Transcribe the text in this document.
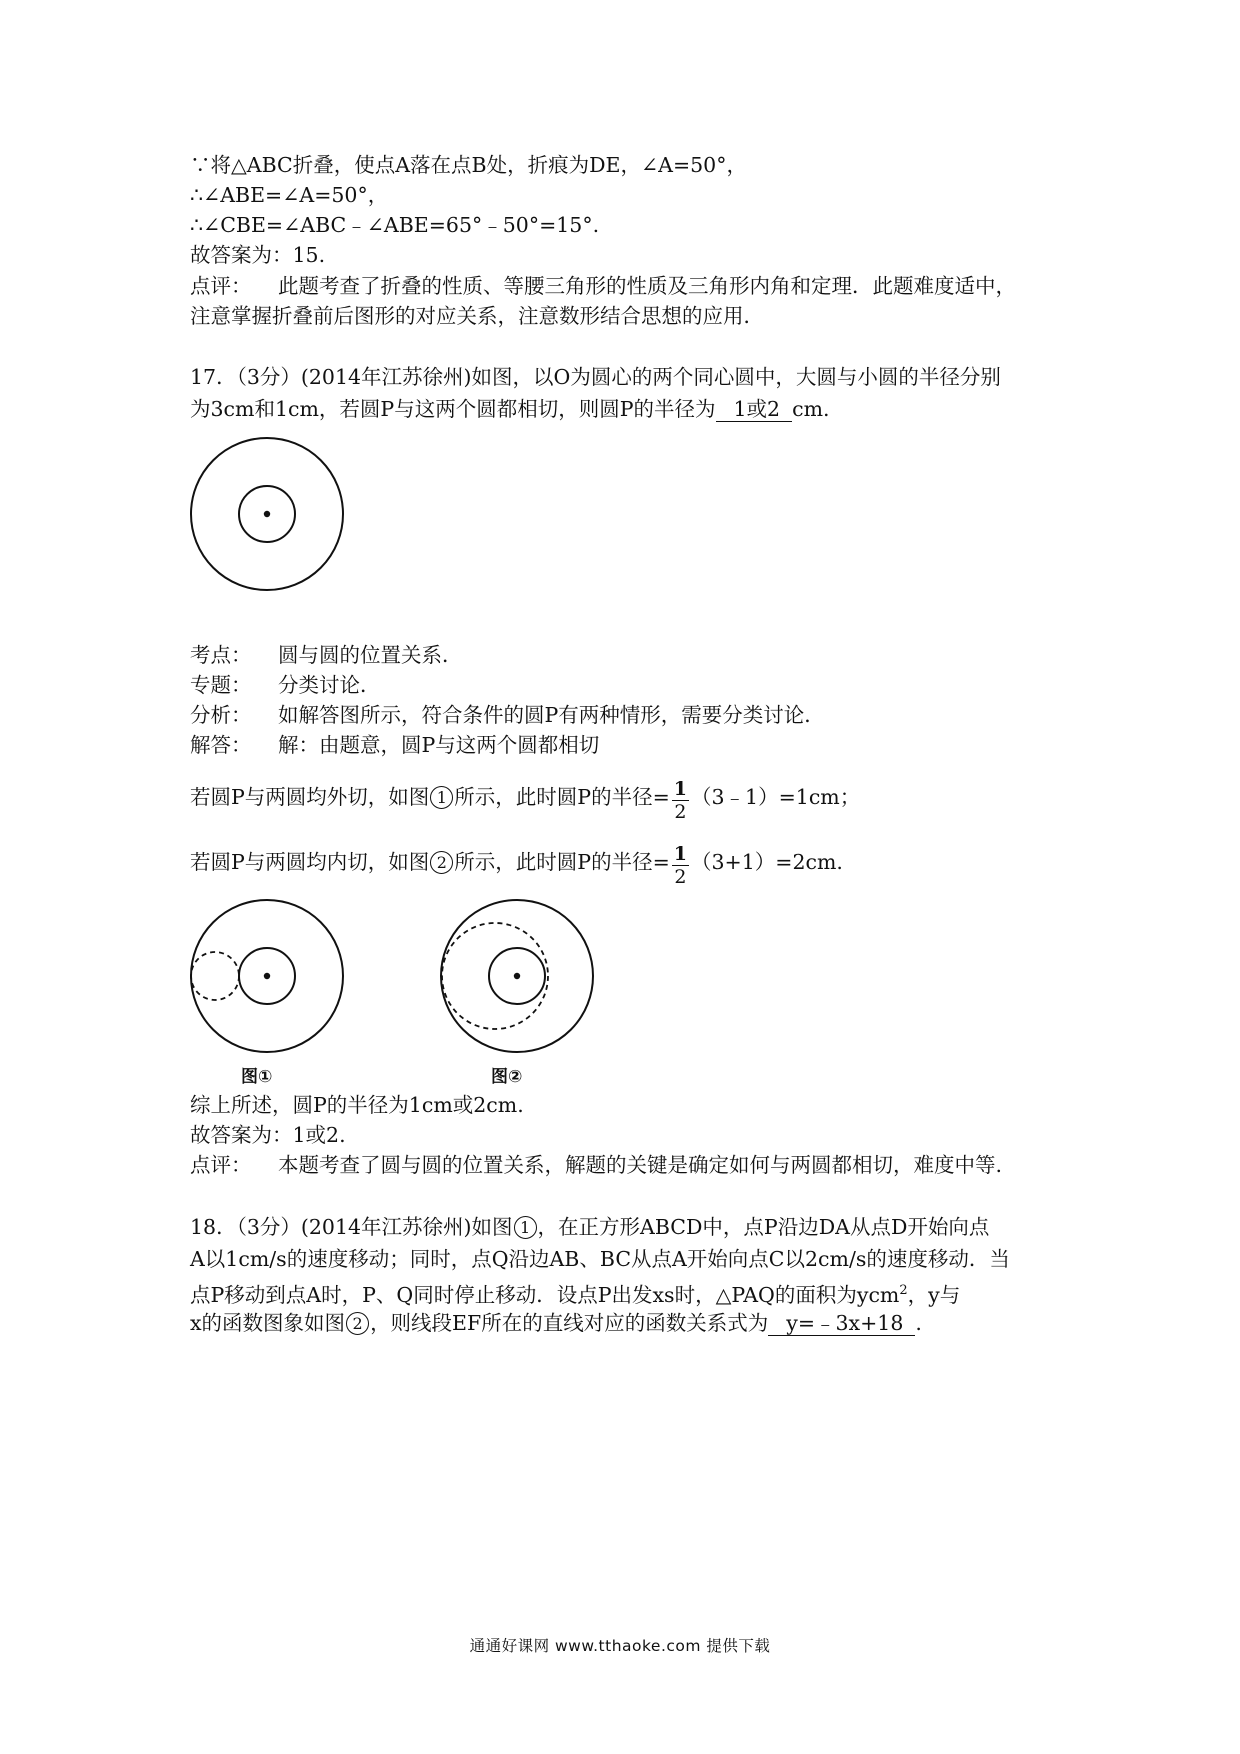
∵将△ABC折叠，使点A落在点B处，折痕为DE，∠A=50°，
∴∠ABE=∠A=50°，
∴∠CBE=∠ABC﹣∠ABE=65°﹣50°=15°.
故答案为：15.
点评： 此题考查了折叠的性质、等腰三角形的性质及三角形内角和定理．此题难度适中，
注意掌握折叠前后图形的对应关系，注意数形结合思想的应用．
17．（3分）(2014年江苏徐州)如图，以O为圆心的两个同心圆中，大圆与小圆的半径分别
为3cm和1cm，若圆P与这两个圆都相切，则圆P的半径为 1或2 cm.
考点： 圆与圆的位置关系．
专题： 分类讨论．
分析： 如解答图所示，符合条件的圆P有两种情形，需要分类讨论．
解答： 解：由题意，圆P与这两个圆都相切
若圆P与两圆均外切，如图 1 所示，此时圆P的半径= $\frac{1}{2}$ （3﹣1）=1cm；
若圆P与两圆均内切，如图 2 所示，此时圆P的半径= $\frac{1}{2} (3+1)=2cm$.
图①	图②
综上所述，圆P的半径为1cm或2cm.
故答案为：1或2.
点评： 本题考查了圆与圆的位置关系，解题的关键是确定如何与两圆都相切，难度中等.
18．（3分）(2014年江苏徐州)如图 1 ，在正方形ABCD中，点P沿边DA从点D开始向点
A以1cm/s的速度移动；同时，点Q沿边AB、BC从点A开始向点C以2cm/s的速度移动．当
点P移动到点A时，P、Q同时停止移动．设点P出发xs时，△PAQ的面积为ycm$^2$，y与
x的函数图象如图 2 ，则线段EF所在的直线对应的函数关系式为 y=﹣3x+18 .
通通好课网 www.tthaoke.com 提供下载
